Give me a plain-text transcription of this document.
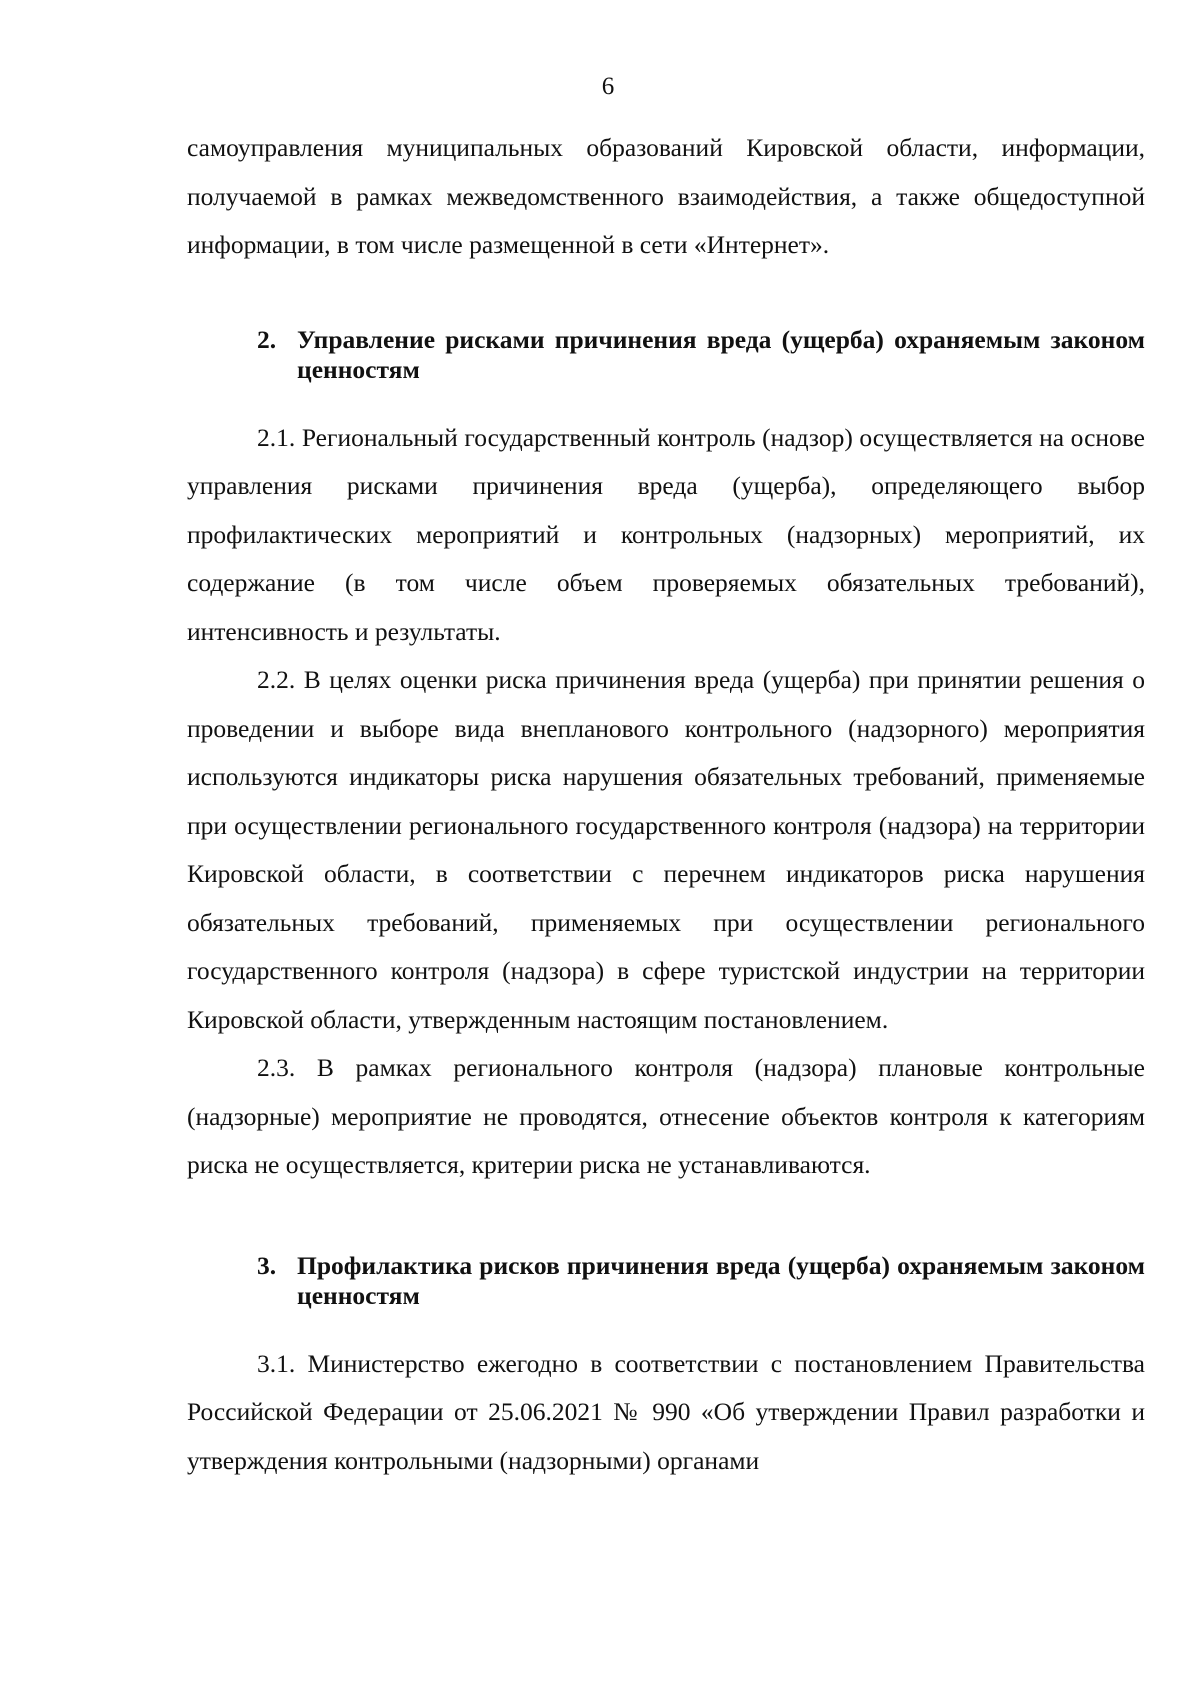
6

самоуправления муниципальных образований Кировской области, информации, получаемой в рамках межведомственного взаимодействия, а также общедоступной информации, в том числе размещенной в сети «Интернет».

2. Управление рисками причинения вреда (ущерба) охраняемым законом ценностям

2.1. Региональный государственный контроль (надзор) осуществляется на основе управления рисками причинения вреда (ущерба), определяющего выбор профилактических мероприятий и контрольных (надзорных) мероприятий, их содержание (в том числе объем проверяемых обязательных требований), интенсивность и результаты.

2.2. В целях оценки риска причинения вреда (ущерба) при принятии решения о проведении и выборе вида внепланового контрольного (надзорного) мероприятия используются индикаторы риска нарушения обязательных требований, применяемые при осуществлении регионального государственного контроля (надзора) на территории Кировской области, в соответствии с перечнем индикаторов риска нарушения обязательных требований, применяемых при осуществлении регионального государственного контроля (надзора) в сфере туристской индустрии на территории Кировской области, утвержденным настоящим постановлением.

2.3. В рамках регионального контроля (надзора) плановые контрольные (надзорные) мероприятие не проводятся, отнесение объектов контроля к категориям риска не осуществляется, критерии риска не устанавливаются.

3. Профилактика рисков причинения вреда (ущерба) охраняемым законом ценностям

3.1. Министерство ежегодно в соответствии с постановлением Правительства Российской Федерации от 25.06.2021 № 990 «Об утверждении Правил разработки и утверждения контрольными (надзорными) органами
